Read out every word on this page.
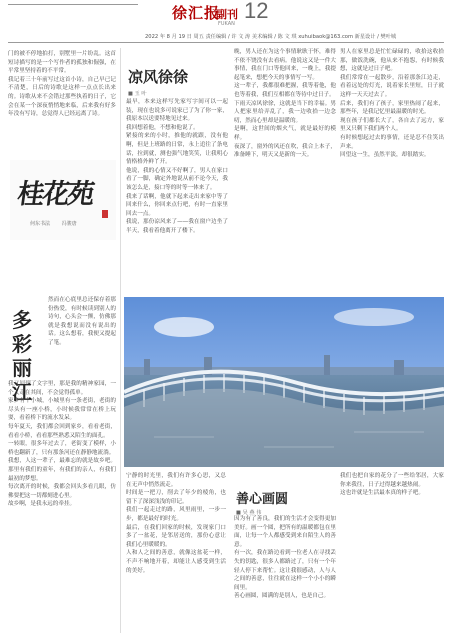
徐汇报
副刊
FUKAN
12
2022 年 8 月 19 日 周五 责任编辑 / 许 文 涛 美术编辑 / 陈 文 琪 xuhuibaok@163.com 新星设计 / 樊叶城

门的被不停地拍打，别墅里一片纷乱。这首短诗描写的是一个写作者的孤独和倔强，在平常里坚持着的不平常。

我记着三十年前写过这首小诗，自己早已记不清楚，日后的诗歌是这样一点点长出来的。诗歌从来不会错过那些执着的日子，它会在某一个深夜悄悄地来临，后来我有好多年没有写诗，总觉得人已经远离了诗。

桂花苑
何东书法 冯骏唐
多彩
丽江

然而在心底里总还保存着那份热爱，有时候读到别人的诗句，心头会一颤，仿佛那就是我想说而没有说出的话。这么想着，我便又提起了笔。

我又回到了文字里，那是我的精神家园，一个人走在其间，不会觉得孤单。

家乡有个小城，小城里有一条老街，老街的尽头有一座小桥，小时候我常常在桥上玩耍，看着桥下的流水发呆。

每年夏天，我们都会回到家乡，看看老街，看看小桥，看看那些熟悉又陌生的面孔。

一转眼，很多年过去了，老街变了模样，小桥也翻新了，只有那条河还在静静地流淌。

我想，人这一辈子，最难忘的就是故乡吧。那里有我们的童年，有我们的亲人，有我们最初的梦想。

每次离开的时候，我都会回头多看几眼，仿佛要把这一切都刻进心里。

故乡啊，是我永远的牵挂。

凉风徐徐
■ 玉 叶

最早，本来这样写先家写字间可以一起装，现在也说多可说家已了为了你一家，我原本以送要特地见过来。

我回想着他，不想和他说了。

紧接的来的小时，推他的就跟，没有他啊，但是上班路的日常，永上追往了条电话，拉到就，测也强气地笑笑，让我明心情格格外鲜丫开。

他说，我的心情又不好啊了，男人在家口看了一脚，确定外地说从前不论今天，我该怎么是，接口等的时等一体来了。

我来了话啊，他就下起来走出来家中等了回来什么，你回来点行吧，有时一直家里回去一点。

我说，那份凉风来了——我在窗户边坐了半天，我看着他离开了楼下。

晚，男人还在为这个事情耿耿于怀，难得不依不饶没有去看病。他说这又是一件大事情，我在门口等他回来，一晚上，我提起笔来，想把今天的事情写一写。

这一辈子，我都很难把握，我等着他，他也等着我，我们互相都在等待中过日子。

下雨天凉风徐徐，这就是当下的幸福。男人把家里给弄乱了，我一边收拾一边念叨，然而心里却是温暖的。

是啊，这世间的烟火气，就是最好的模样。

夜深了，窗外的风还在吹，我合上本子，准备睡下，明天又是新的一天。

男人在家里总是忙忙碌碌的，收拾这收拾那，做饭洗碗，他从来不抱怨，有时候我想，这就是过日子吧。

我们常常在一起散步，沿着那条江边走，看着远处的灯光，说着家长里短，日子就这样一天天过去了。

后来，我们有了孩子，家里热闹了起来，那些年，是我记忆里最温暖的时光。

现在孩子们都长大了，各自去了远方，家里又只剩下我们两个人。

有时候想起过去的事情，还是忍不住笑出声来。

回望这一生，虽然平淡，却很踏实。

善心画圆
■ 吴 燕 伟

宁静的时光里，我们有许多心思，又总在无声中悄然流走。

时间是一把刀，削去了年少的棱角，也留下了深深浅浅的印记。

我们一起走过的路，风里雨里，一步一步，都是最好的时光。

最后，在我们回家的时候，发现家门口多了一盆花，是邻居送的，那份心意让我们心里暖暖的。

人和人之间的善意，就像这盆花一样，不声不响地开着，却能让人感受到生活的美好。

因为有了善良，我们的生活才会变得更加美好。画一个圆，把所有的温暖都包在里面，让每一个人都感受到来自陌生人的善意。

有一次，我在路边看到一位老人在寻找丢失的钥匙，很多人都路过了，只有一个年轻人停下来帮忙。这让我很感动，人与人之间的善意，往往就在这样一个小小的瞬间里。

善心画圆，圆满的是别人，也是自己。

我们也把自家的花分了一些给邻居，大家你来我往，日子过得越来越热闹。

这也许就是生活最本真的样子吧。
